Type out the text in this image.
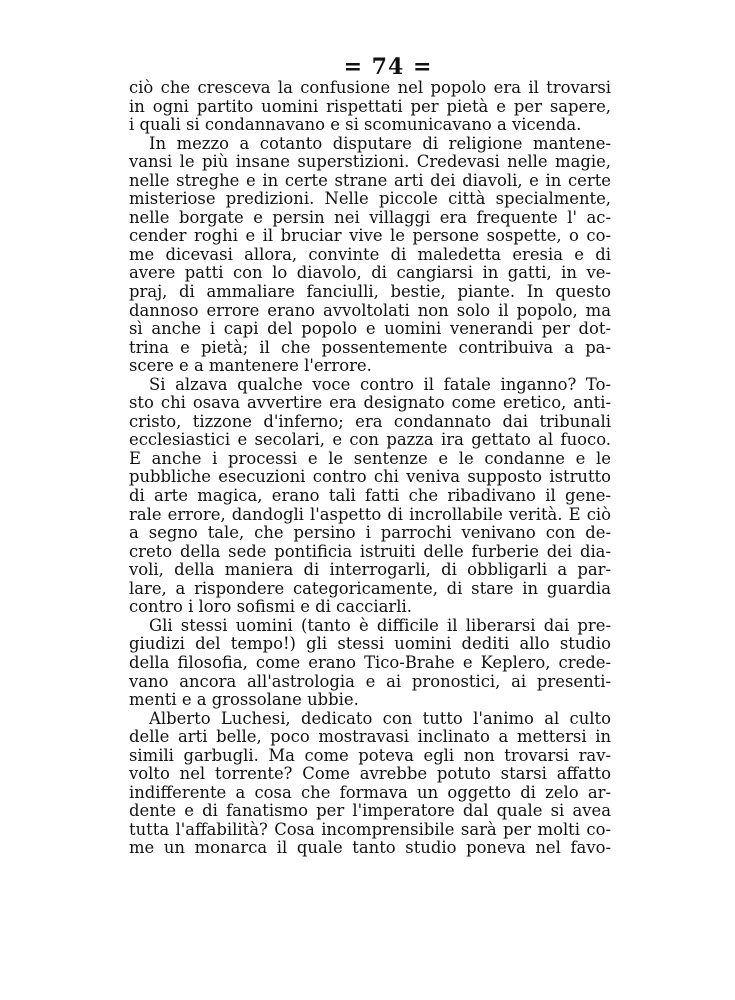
= 74 =
ciò che cresceva la confusione nel popolo era il trovarsi
in ogni partito uomini rispettati per pietà e per sapere,
i quali si condannavano e si scomunicavano a vicenda.
In mezzo a cotanto disputare di religione mantene-
vansi le più insane superstizioni. Credevasi nelle magie,
nelle streghe e in certe strane arti dei diavoli, e in certe
misteriose predizioni. Nelle piccole città specialmente,
nelle borgate e persin nei villaggi era frequente l' ac-
cender roghi e il bruciar vive le persone sospette, o co-
me dicevasi allora, convinte di maledetta eresia e di
avere patti con lo diavolo, di cangiarsi in gatti, in ve-
praj, di ammaliare fanciulli, bestie, piante. In questo
dannoso errore erano avvoltolati non solo il popolo, ma
sì anche i capi del popolo e uomini venerandi per dot-
trina e pietà; il che possentemente contribuiva a pa-
scere e a mantenere l'errore.
Si alzava qualche voce contro il fatale inganno? To-
sto chi osava avvertire era designato come eretico, anti-
cristo, tizzone d'inferno; era condannato dai tribunali
ecclesiastici e secolari, e con pazza ira gettato al fuoco.
E anche i processi e le sentenze e le condanne e le
pubbliche esecuzioni contro chi veniva supposto istrutto
di arte magica, erano tali fatti che ribadivano il gene-
rale errore, dandogli l'aspetto di incrollabile verità. E ciò
a segno tale, che persino i parrochi venivano con de-
creto della sede pontificia istruiti delle furberie dei dia-
voli, della maniera di interrogarli, di obbligarli a par-
lare, a rispondere categoricamente, di stare in guardia
contro i loro sofismi e di cacciarli.
Gli stessi uomini (tanto è difficile il liberarsi dai pre-
giudizi del tempo!) gli stessi uomini dediti allo studio
della filosofia, come erano Tico-Brahe e Keplero, crede-
vano ancora all'astrologia e ai pronostici, ai presenti-
menti e a grossolane ubbie.
Alberto Luchesi, dedicato con tutto l'animo al culto
delle arti belle, poco mostravasi inclinato a mettersi in
simili garbugli. Ma come poteva egli non trovarsi rav-
volto nel torrente? Come avrebbe potuto starsi affatto
indifferente a cosa che formava un oggetto di zelo ar-
dente e di fanatismo per l'imperatore dal quale si avea
tutta l'affabilità? Cosa incomprensibile sarà per molti co-
me un monarca il quale tanto studio poneva nel favo-
